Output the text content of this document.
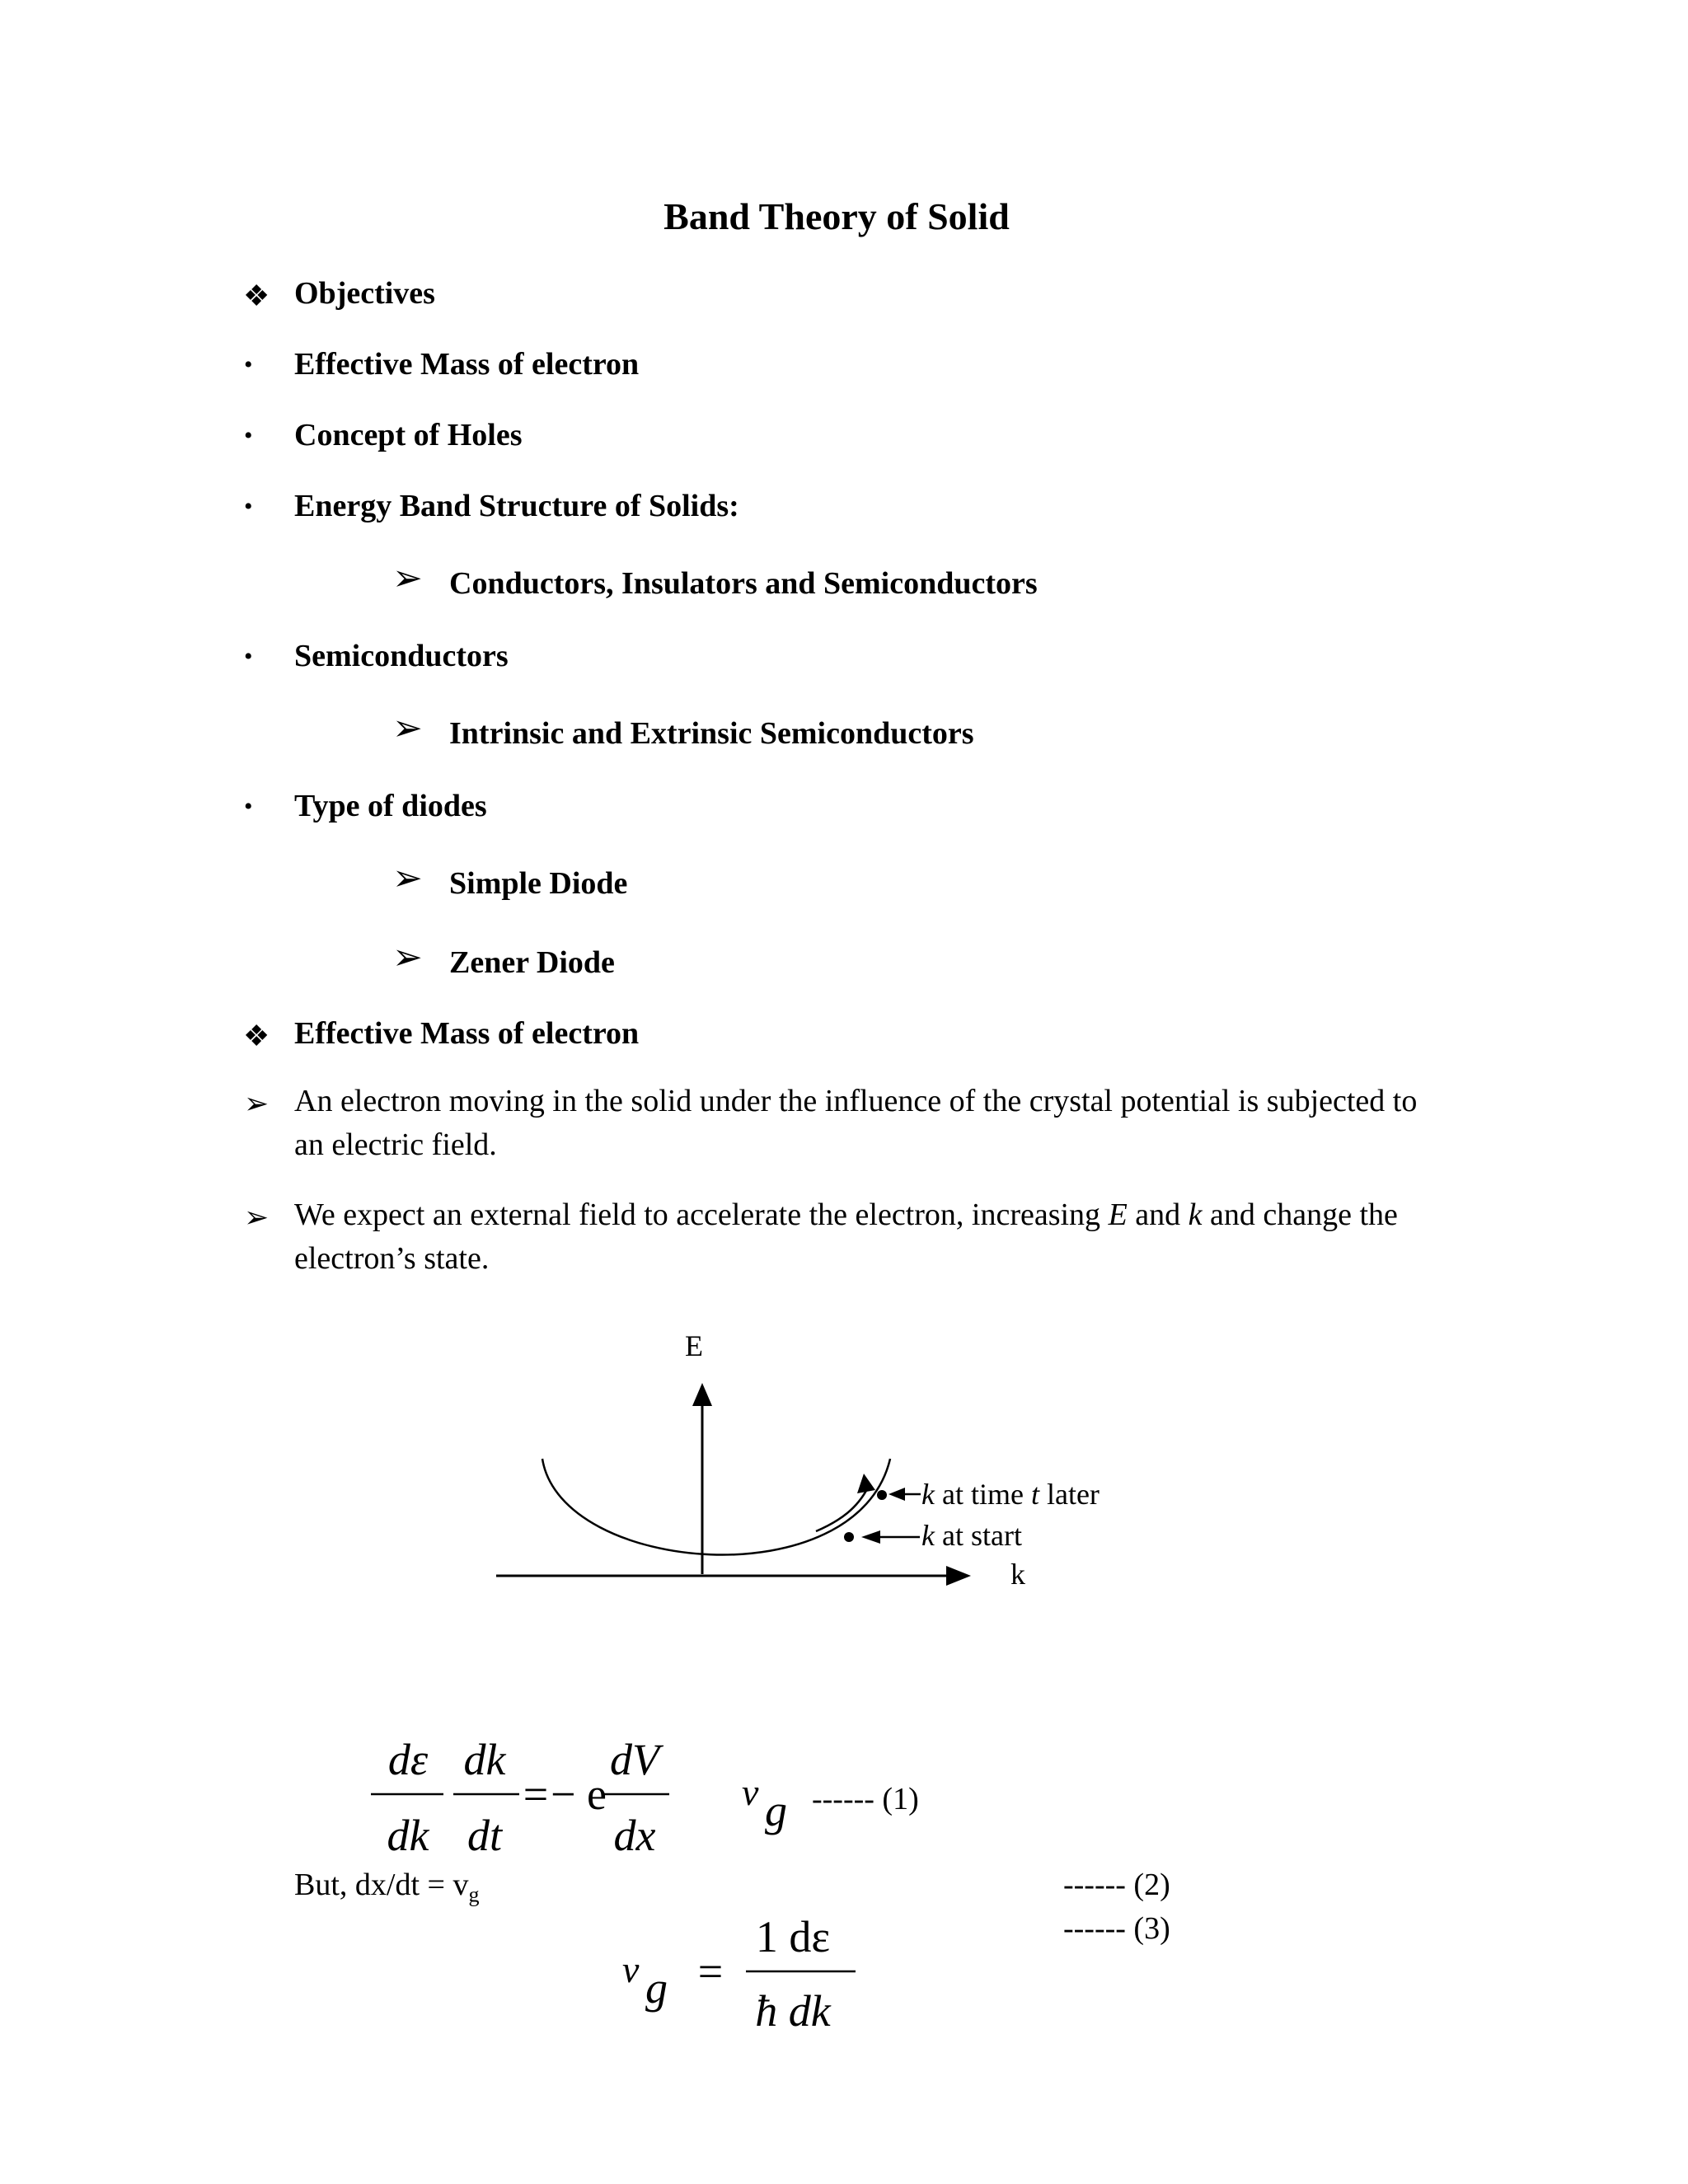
Band Theory of Solid
❖ Objectives
• Effective Mass of electron
• Concept of Holes
• Energy Band Structure of Solids:
➢ Conductors, Insulators and Semiconductors
• Semiconductors
➢ Intrinsic and Extrinsic Semiconductors
• Type of diodes
➢ Simple Diode
➢ Zener Diode
❖ Effective Mass of electron
➢ An electron moving in the solid under the influence of the crystal potential is subjected to
an electric field.
➢ We expect an external field to accelerate the electron, increasing E and k and change the
electron’s state.
E
k
k at time t later
k at start
dε
dk
dk
dt
dV
dx
− e	v g
=	------ (1)
But, $dx/dt = v_g$	------ (2)
------ (3)
v g
1 dε
ħ dk
=
